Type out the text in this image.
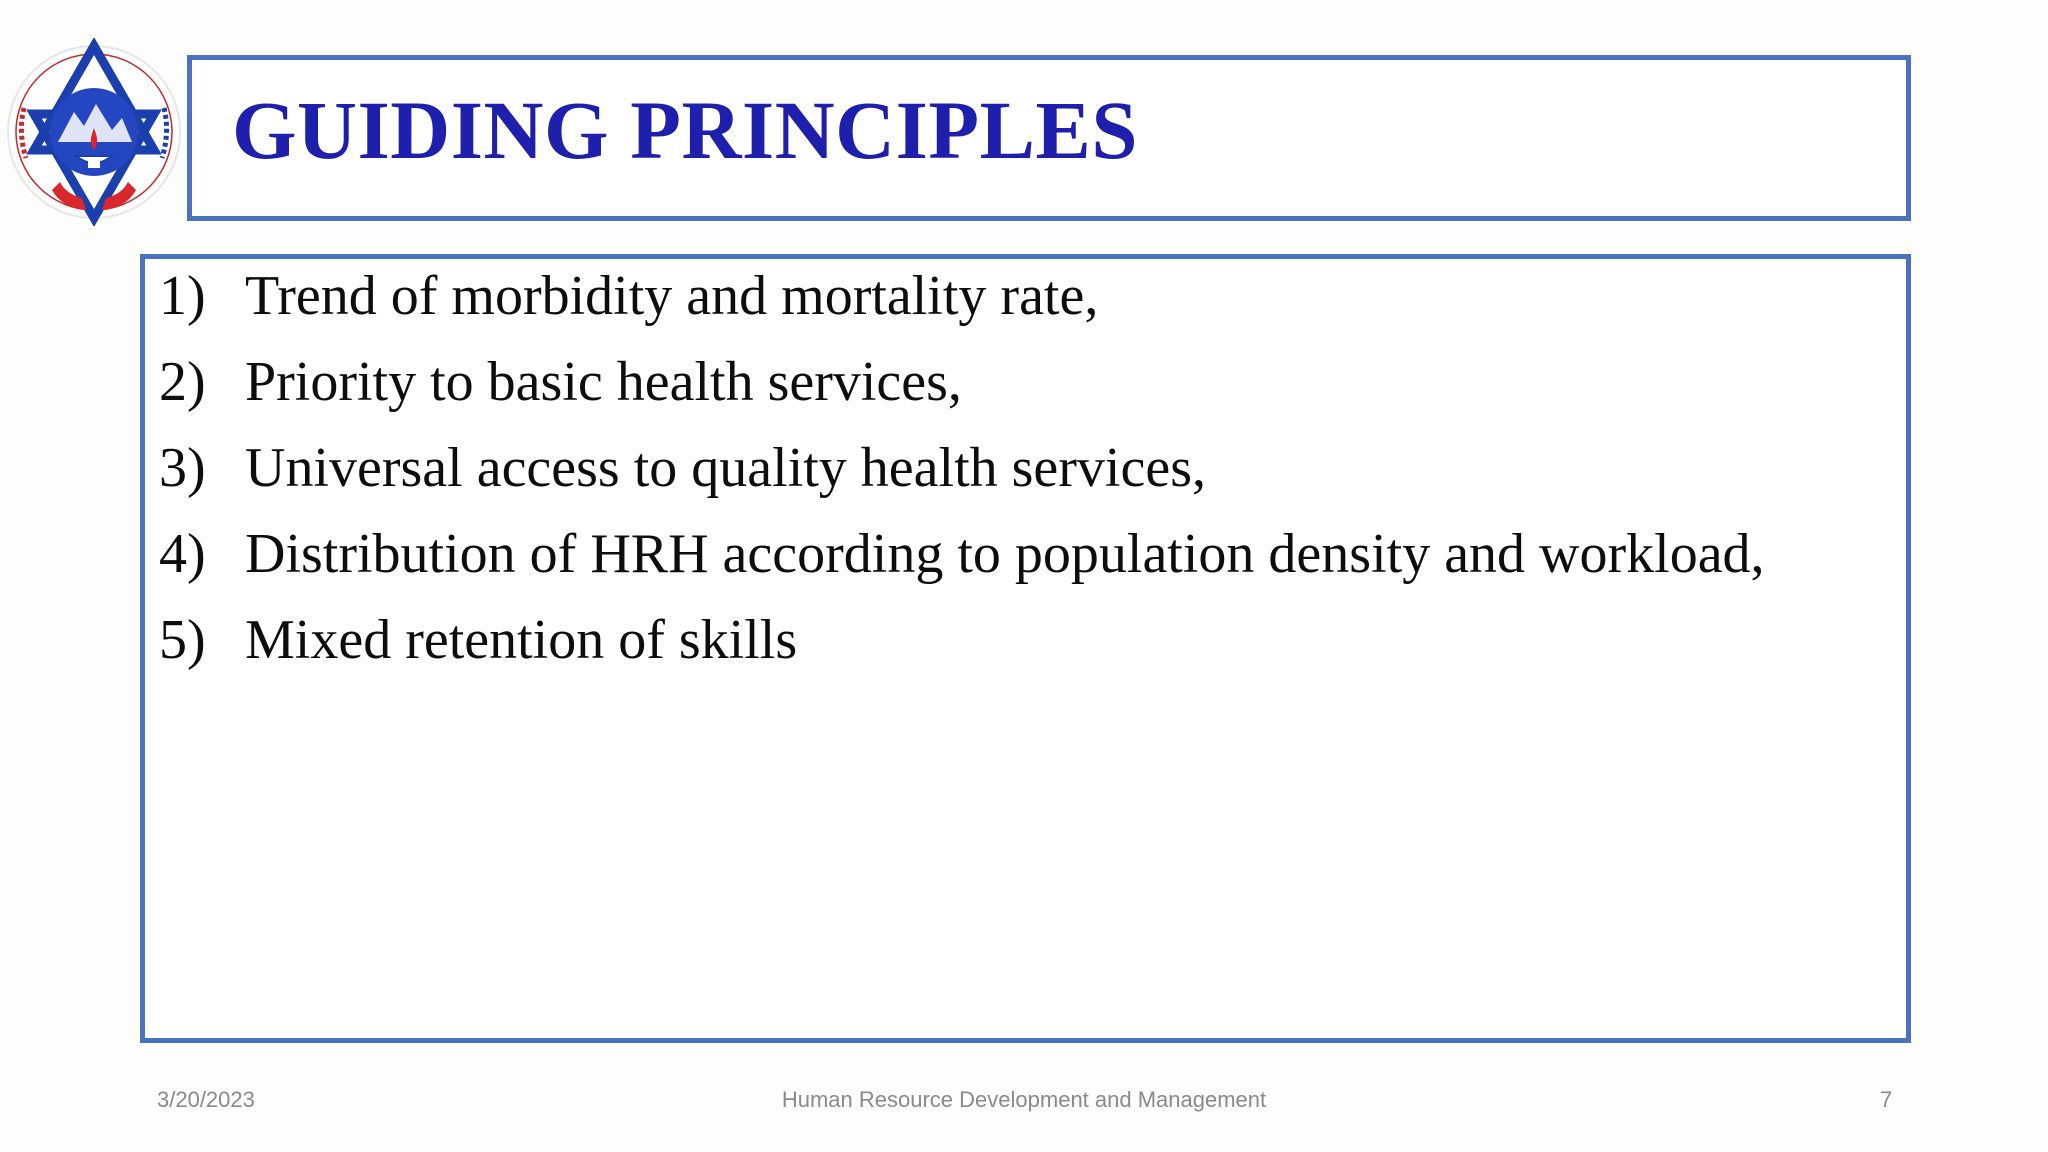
GUIDING PRINCIPLES
1) Trend of morbidity and mortality rate,
2) Priority to basic health services,
3) Universal access to quality health services,
4) Distribution of HRH according to population density and workload,
5) Mixed retention of skills
3/20/2023	Human Resource Development and Management	7
